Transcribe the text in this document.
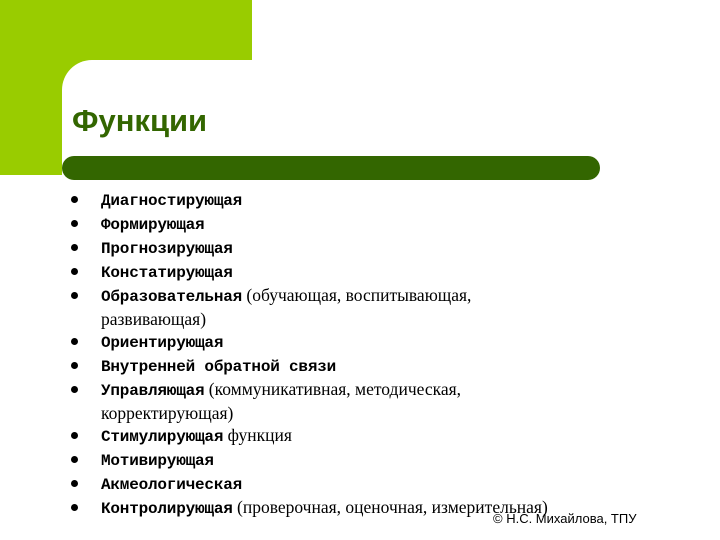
Функции
Диагностирующая
Формирующая
Прогнозирующая
Констатирующая
Образовательная (обучающая, воспитывающая, развивающая)
Ориентирующая
Внутренней обратной связи
Управляющая (коммуникативная, методическая, корректирующая)
Стимулирующая функция
Мотивирующая
Акмеологическая
Контролирующая (проверочная, оценочная, измерительная)
© Н.С. Михайлова, ТПУ
